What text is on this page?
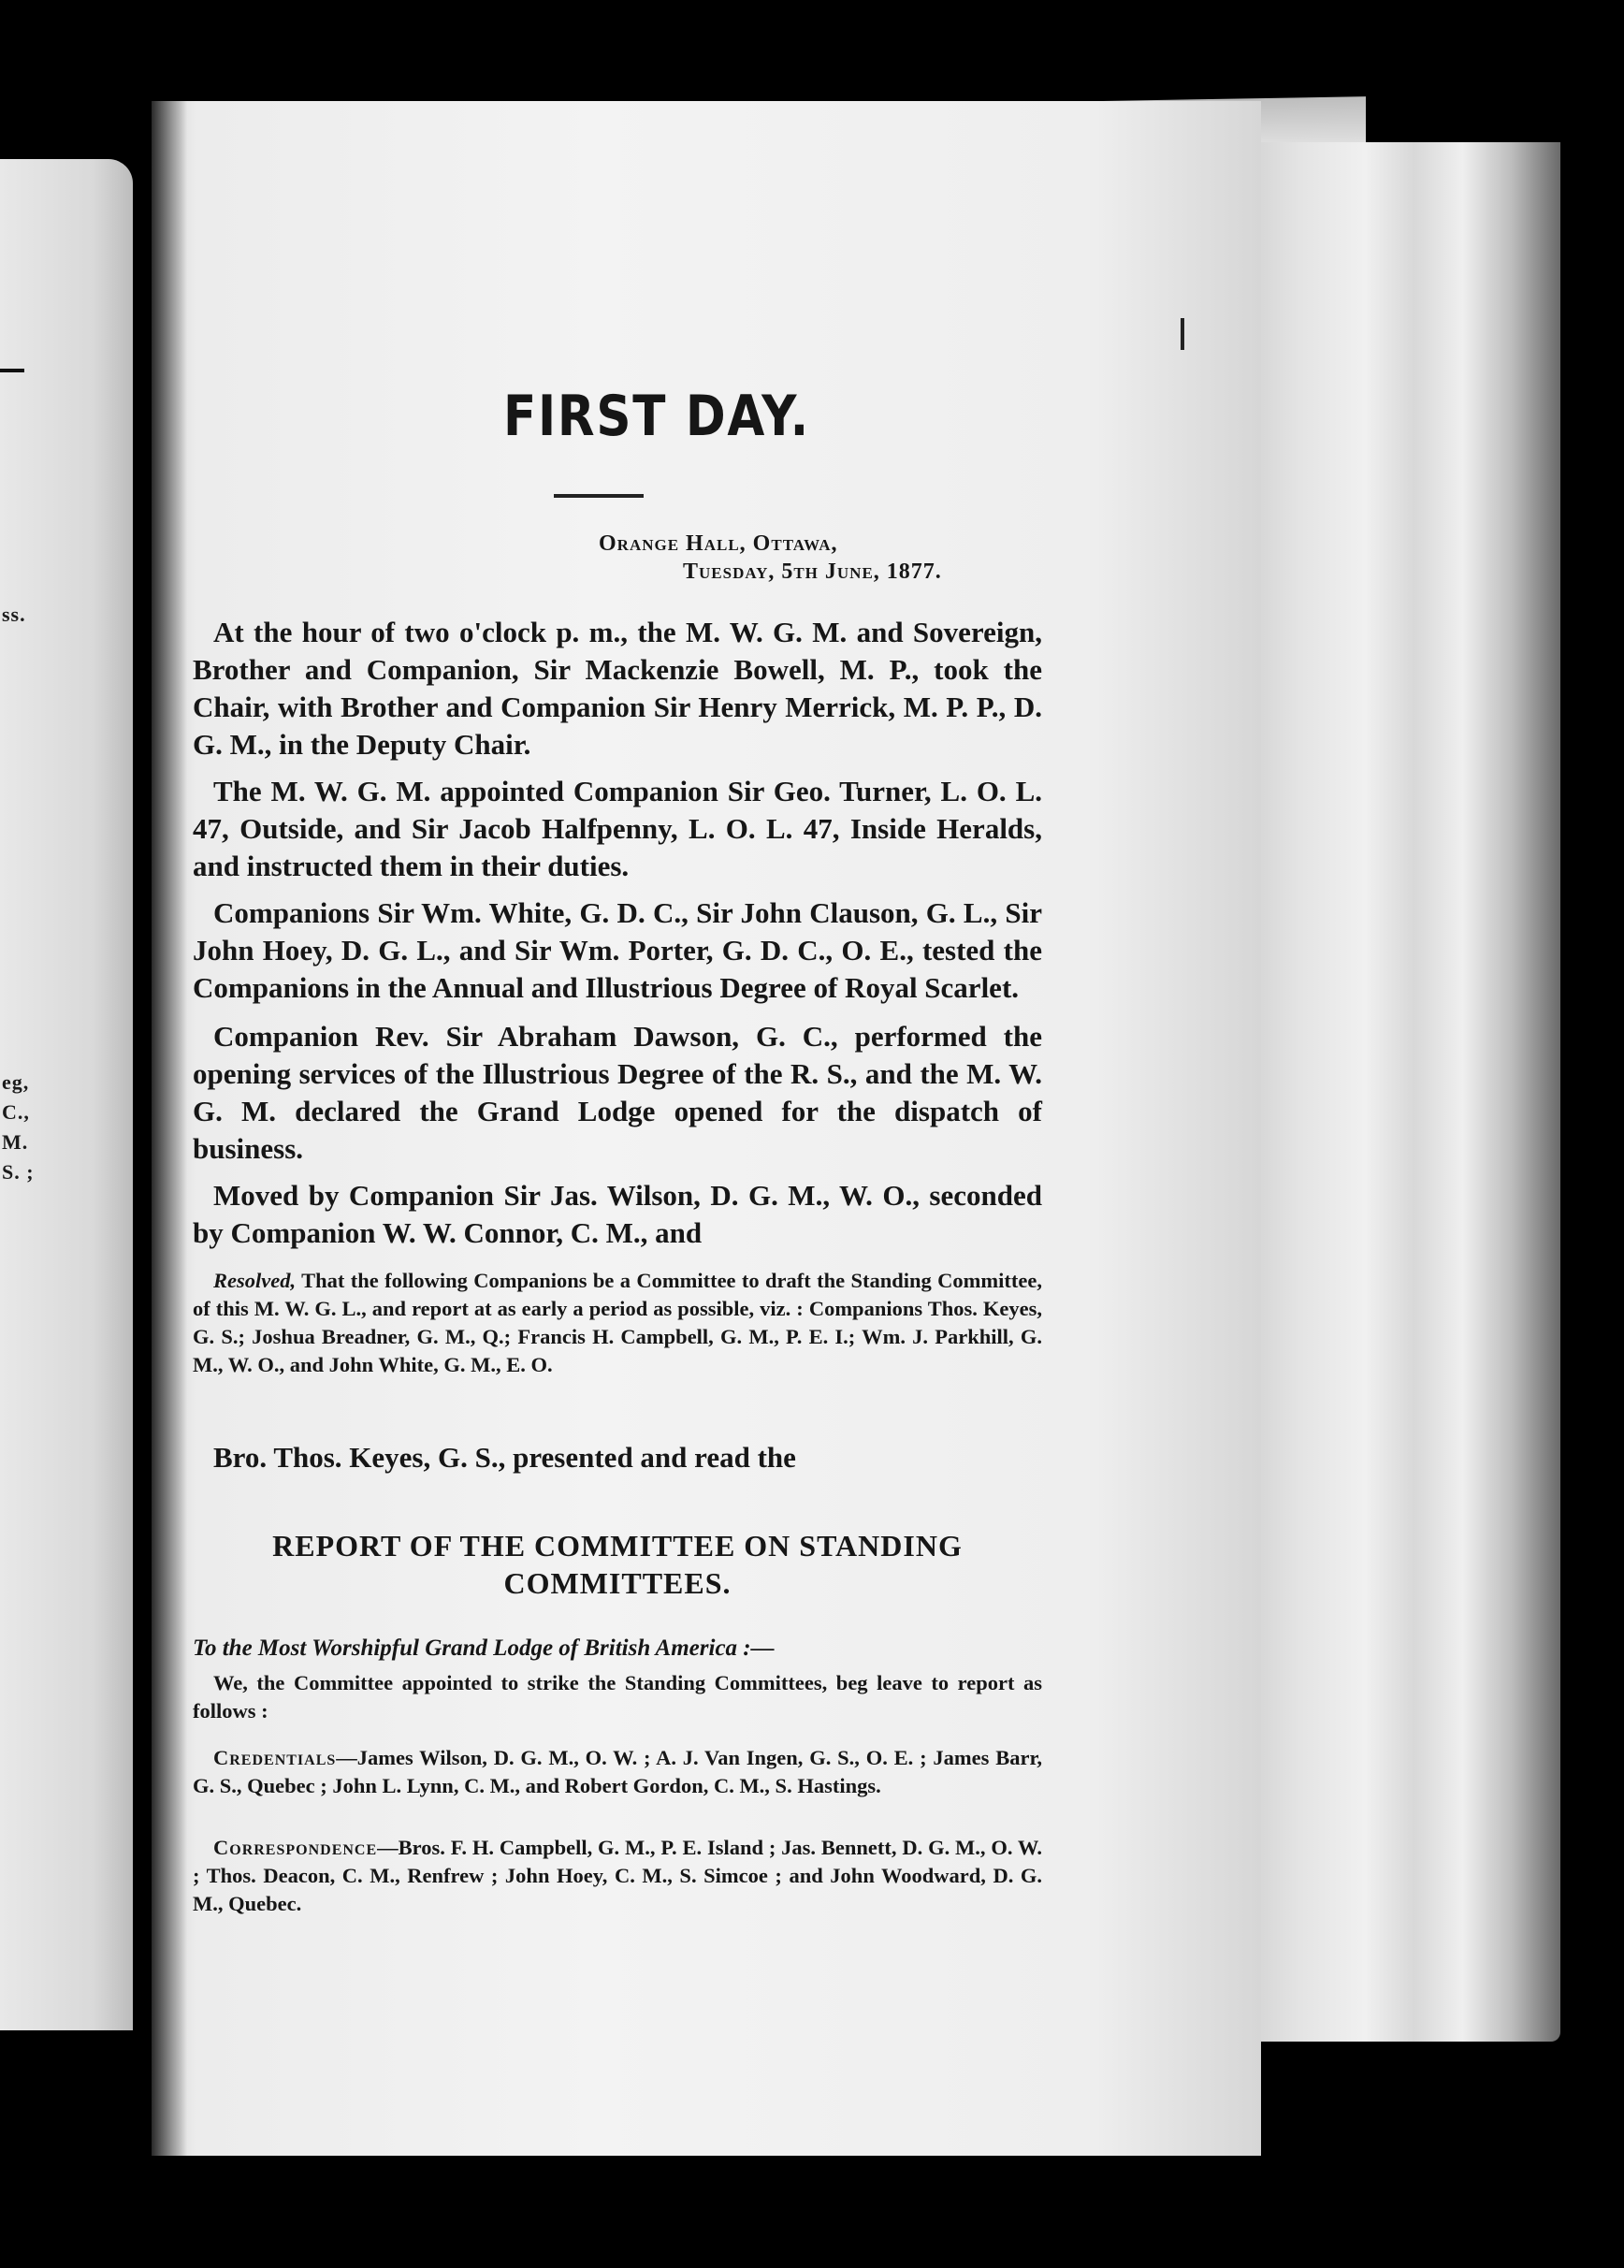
ss.
eg,
C.,
M.
S. ;
FIRST DAY.
Orange Hall, Ottawa,
Tuesday, 5th June, 1877.
At the hour of two o'clock p. m., the M. W. G. M. and Sovereign, Brother and Companion, Sir Mackenzie Bowell, M. P., took the Chair, with Brother and Companion Sir Henry Merrick, M. P. P., D. G. M., in the Deputy Chair.
The M. W. G. M. appointed Companion Sir Geo. Turner, L. O. L. 47, Outside, and Sir Jacob Halfpenny, L. O. L. 47, Inside Heralds, and instructed them in their duties.
Companions Sir Wm. White, G. D. C., Sir John Clauson, G. L., Sir John Hoey, D. G. L., and Sir Wm. Porter, G. D. C., O. E., tested the Companions in the Annual and Illustrious Degree of Royal Scarlet.
Companion Rev. Sir Abraham Dawson, G. C., performed the opening services of the Illustrious Degree of the R. S., and the M. W. G. M. declared the Grand Lodge opened for the dispatch of business.
Moved by Companion Sir Jas. Wilson, D. G. M., W. O., seconded by Companion W. W. Connor, C. M., and
Resolved, That the following Companions be a Committee to draft the Standing Committee, of this M. W. G. L., and report at as early a period as possible, viz. : Companions Thos. Keyes, G. S.; Joshua Breadner, G. M., Q.; Francis H. Campbell, G. M., P. E. I.; Wm. J. Parkhill, G. M., W. O., and John White, G. M., E. O.
Bro. Thos. Keyes, G. S., presented and read the
REPORT OF THE COMMITTEE ON STANDING COMMITTEES.
To the Most Worshipful Grand Lodge of British America :—
We, the Committee appointed to strike the Standing Committees, beg leave to report as follows :
Credentials—James Wilson, D. G. M., O. W. ; A. J. Van Ingen, G. S., O. E. ; James Barr, G. S., Quebec ; John L. Lynn, C. M., and Robert Gordon, C. M., S. Hastings.
Correspondence—Bros. F. H. Campbell, G. M., P. E. Island ; Jas. Bennett, D. G. M., O. W. ; Thos. Deacon, C. M., Renfrew ; John Hoey, C. M., S. Simcoe ; and John Woodward, D. G. M., Quebec.
